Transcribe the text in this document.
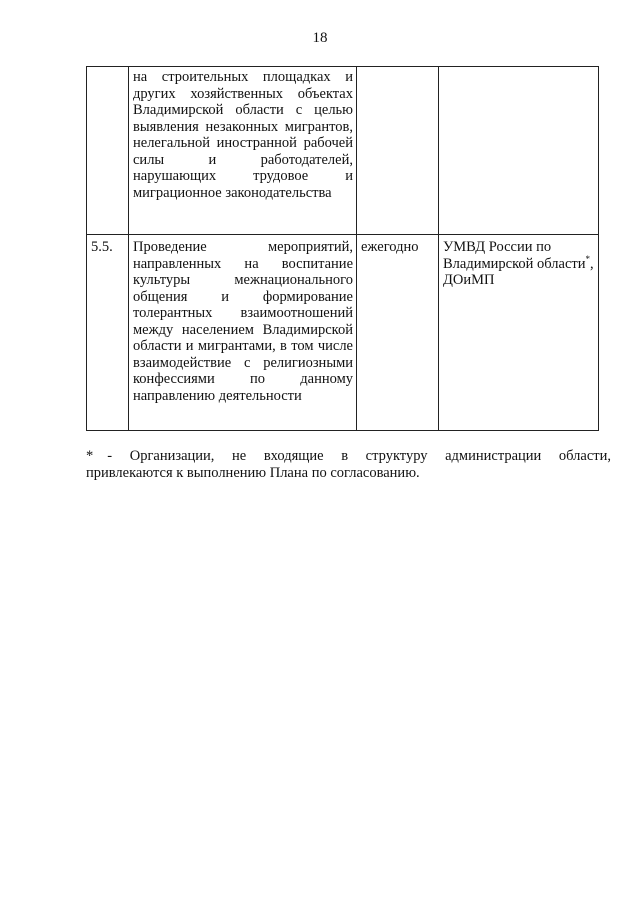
18
	на строительных площадках и других хозяйственных объектах Владимирской области с целью выявления незаконных мигрантов, нелегальной иностранной рабочей силы и работодателей, нарушающих трудовое и миграционное законодательства		
5.5.	Проведение мероприятий, направленных на воспитание культуры межнационального общения и формирование толерантных взаимоотношений между населением Владимирской области и мигрантами, в том числе взаимодействие с религиозными конфессиями по данному направлению деятельности	ежегодно	УМВД России по Владимирской области*, ДОиМП
* - Организации, не входящие в структуру администрации области,
привлекаются к выполнению Плана по согласованию.
